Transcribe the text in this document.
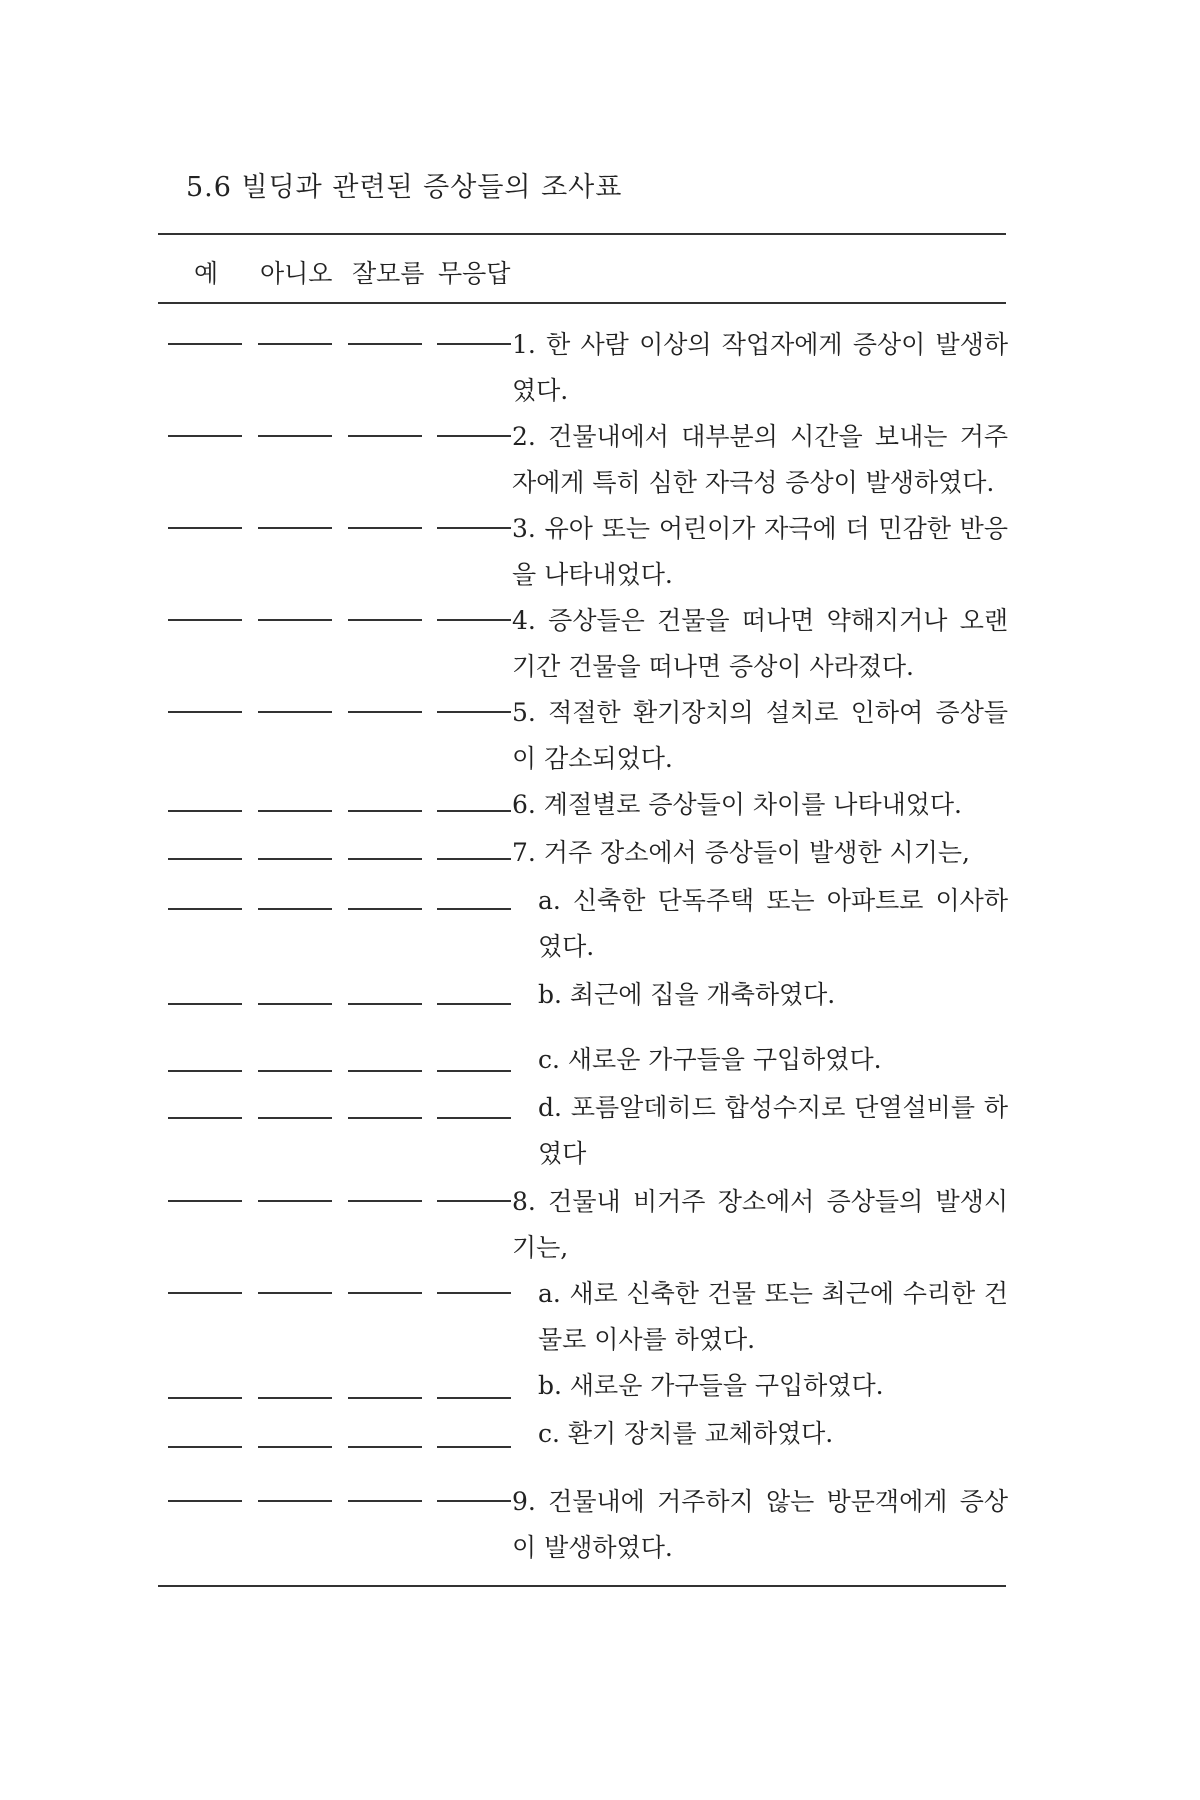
5.6 빌딩과 관련된 증상들의 조사표
예 아니오 잘모름 무응답
1. 한 사람 이상의 작업자에게 증상이 발생하였다.
2. 건물내에서 대부분의 시간을 보내는 거주자에게 특히 심한 자극성 증상이 발생하였다.
3. 유아 또는 어린이가 자극에 더 민감한 반응을 나타내었다.
4. 증상들은 건물을 떠나면 약해지거나 오랜 기간 건물을 떠나면 증상이 사라졌다.
5. 적절한 환기장치의 설치로 인하여 증상들이 감소되었다.
6. 계절별로 증상들이 차이를 나타내었다.
7. 거주 장소에서 증상들이 발생한 시기는,
a. 신축한 단독주택 또는 아파트로 이사하였다.
b. 최근에 집을 개축하였다.
c. 새로운 가구들을 구입하였다.
d. 포름알데히드 합성수지로 단열설비를 하였다
8. 건물내 비거주 장소에서 증상들의 발생시기는,
a. 새로 신축한 건물 또는 최근에 수리한 건물로 이사를 하였다.
b. 새로운 가구들을 구입하였다.
c. 환기 장치를 교체하였다.
9. 건물내에 거주하지 않는 방문객에게 증상이 발생하였다.
